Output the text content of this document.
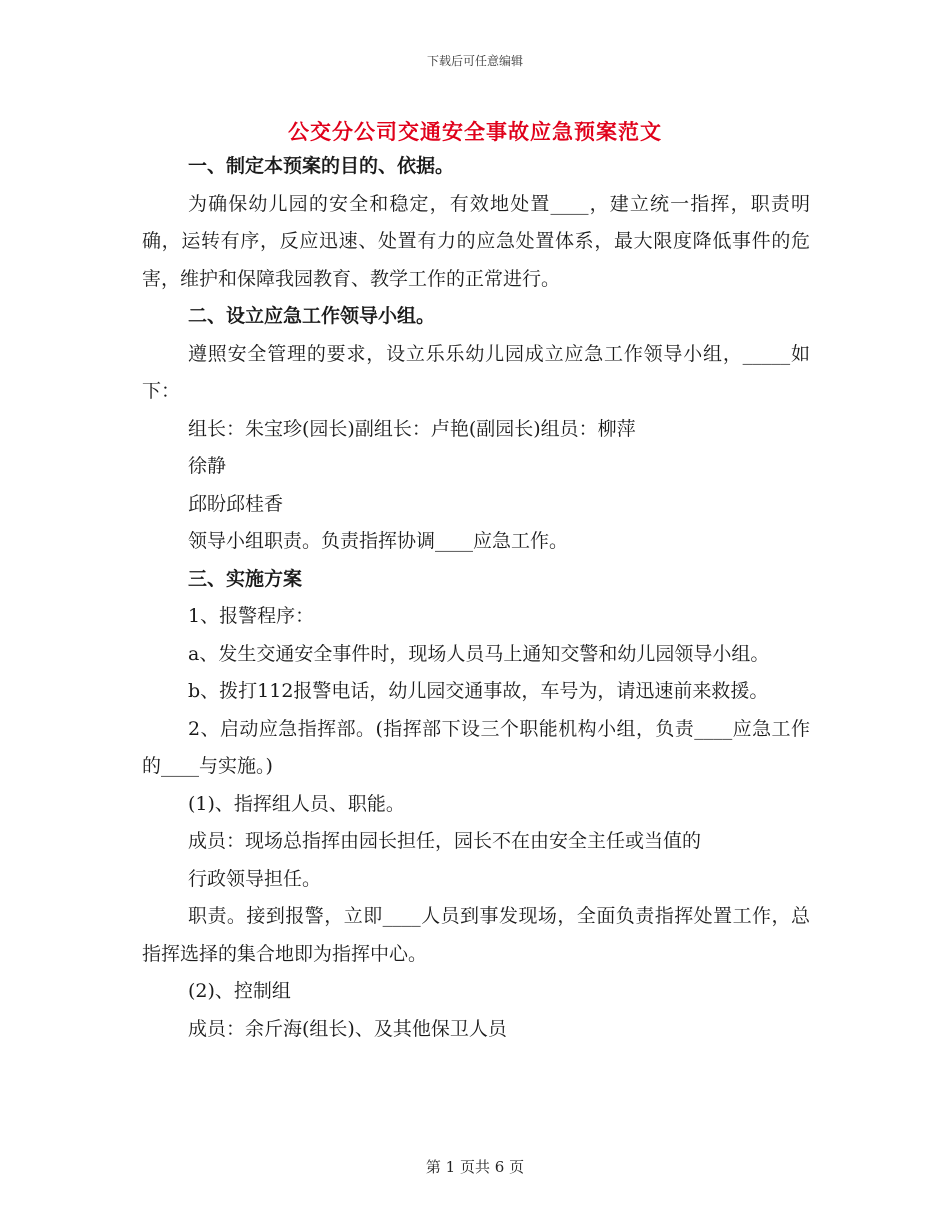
下载后可任意编辑
公交分公司交通安全事故应急预案范文

一、制定本预案的目的、依据。

为确保幼儿园的安全和稳定，有效地处置____，建立统一指挥，职责明确，运转有序，反应迅速、处置有力的应急处置体系，最大限度降低事件的危害，维护和保障我园教育、教学工作的正常进行。

二、设立应急工作领导小组。

遵照安全管理的要求，设立乐乐幼儿园成立应急工作领导小组，_____如下：

组长：朱宝珍(园长)副组长：卢艳(副园长)组员：柳萍

徐静

邱盼邱桂香

领导小组职责。负责指挥协调____应急工作。

三、实施方案

1、报警程序：

a、发生交通安全事件时，现场人员马上通知交警和幼儿园领导小组。

b、拨打112报警电话，幼儿园交通事故，车号为，请迅速前来救援。

2、启动应急指挥部。(指挥部下设三个职能机构小组，负责____应急工作的____与实施。)

(1)、指挥组人员、职能。

成员：现场总指挥由园长担任，园长不在由安全主任或当值的

行政领导担任。

职责。接到报警，立即____人员到事发现场，全面负责指挥处置工作，总指挥选择的集合地即为指挥中心。

(2)、控制组

成员：余斤海(组长)、及其他保卫人员

第 1 页共 6 页
